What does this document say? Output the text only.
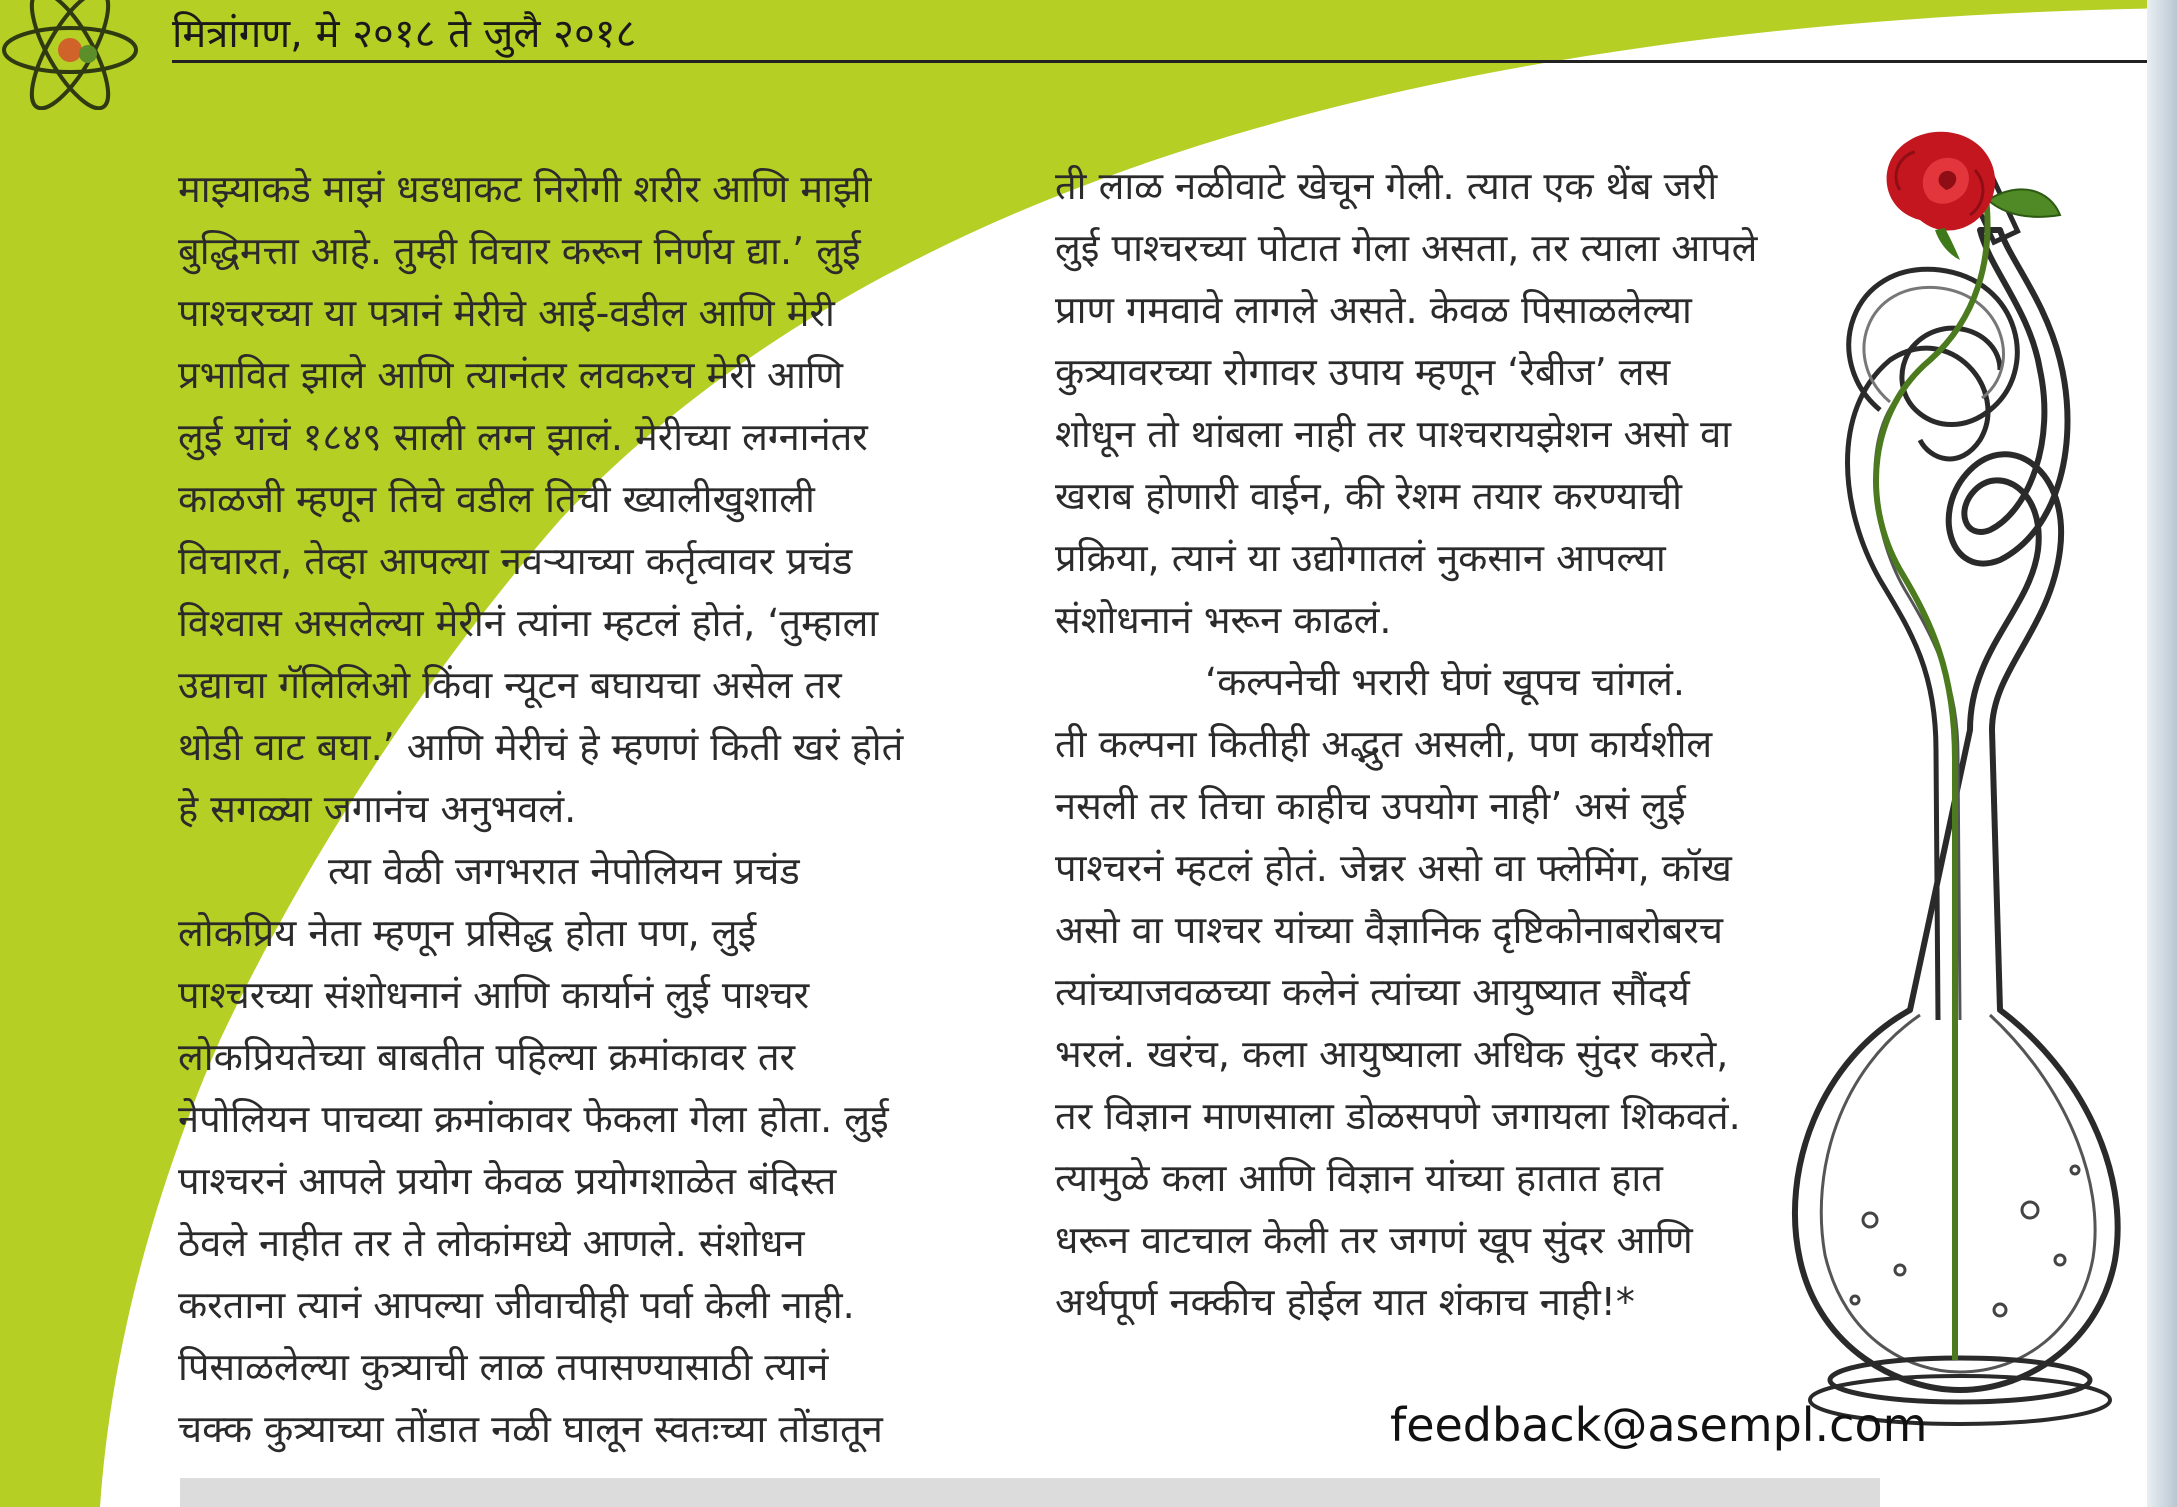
मित्रांगण, मे २०१८ ते जुलै २०१८
माझ्याकडे माझं धडधाकट निरोगी शरीर आणि माझी
बुद्धिमत्ता आहे. तुम्ही विचार करून निर्णय द्या.’ लुई
पाश्चरच्या या पत्रानं मेरीचे आई-वडील आणि मेरी
प्रभावित झाले आणि त्यानंतर लवकरच मेरी आणि
लुई यांचं १८४९ साली लग्न झालं. मेरीच्या लग्नानंतर
काळजी म्हणून तिचे वडील तिची ख्यालीखुशाली
विचारत, तेव्हा आपल्या नवऱ्याच्या कर्तृत्वावर प्रचंड
विश्वास असलेल्या मेरीनं त्यांना म्हटलं होतं, ‘तुम्हाला
उद्याचा गॅलिलिओ किंवा न्यूटन बघायचा असेल तर
थोडी वाट बघा.’ आणि मेरीचं हे म्हणणं किती खरं होतं
हे सगळ्या जगानंच अनुभवलं.
त्या वेळी जगभरात नेपोलियन प्रचंड
लोकप्रिय नेता म्हणून प्रसिद्ध होता पण, लुई
पाश्चरच्या संशोधनानं आणि कार्यानं लुई पाश्चर
लोकप्रियतेच्या बाबतीत पहिल्या क्रमांकावर तर
नेपोलियन पाचव्या क्रमांकावर फेकला गेला होता. लुई
पाश्चरनं आपले प्रयोग केवळ प्रयोगशाळेत बंदिस्त
ठेवले नाहीत तर ते लोकांमध्ये आणले. संशोधन
करताना त्यानं आपल्या जीवाचीही पर्वा केली नाही.
पिसाळलेल्या कुत्र्याची लाळ तपासण्यासाठी त्यानं
चक्क कुत्र्याच्या तोंडात नळी घालून स्वतःच्या तोंडातून
ती लाळ नळीवाटे खेचून गेली. त्यात एक थेंब जरी
लुई पाश्चरच्या पोटात गेला असता, तर त्याला आपले
प्राण गमवावे लागले असते. केवळ पिसाळलेल्या
कुत्र्यावरच्या रोगावर उपाय म्हणून ‘रेबीज’ लस
शोधून तो थांबला नाही तर पाश्चरायझेशन असो वा
खराब होणारी वाईन, की रेशम तयार करण्याची
प्रक्रिया, त्यानं या उद्योगातलं नुकसान आपल्या
संशोधनानं भरून काढलं.
‘कल्पनेची भरारी घेणं खूपच चांगलं.
ती कल्पना कितीही अद्भुत असली, पण कार्यशील
नसली तर तिचा काहीच उपयोग नाही’ असं लुई
पाश्चरनं म्हटलं होतं. जेन्नर असो वा फ्लेमिंग, कॉख
असो वा पाश्चर यांच्या वैज्ञानिक दृष्टिकोनाबरोबरच
त्यांच्याजवळच्या कलेनं त्यांच्या आयुष्यात सौंदर्य
भरलं. खरंच, कला आयुष्याला अधिक सुंदर करते,
तर विज्ञान माणसाला डोळसपणे जगायला शिकवतं.
त्यामुळे कला आणि विज्ञान यांच्या हातात हात
धरून वाटचाल केली तर जगणं खूप सुंदर आणि
अर्थपूर्ण नक्कीच होईल यात शंकाच नाही!*
feedback@asempl.com
